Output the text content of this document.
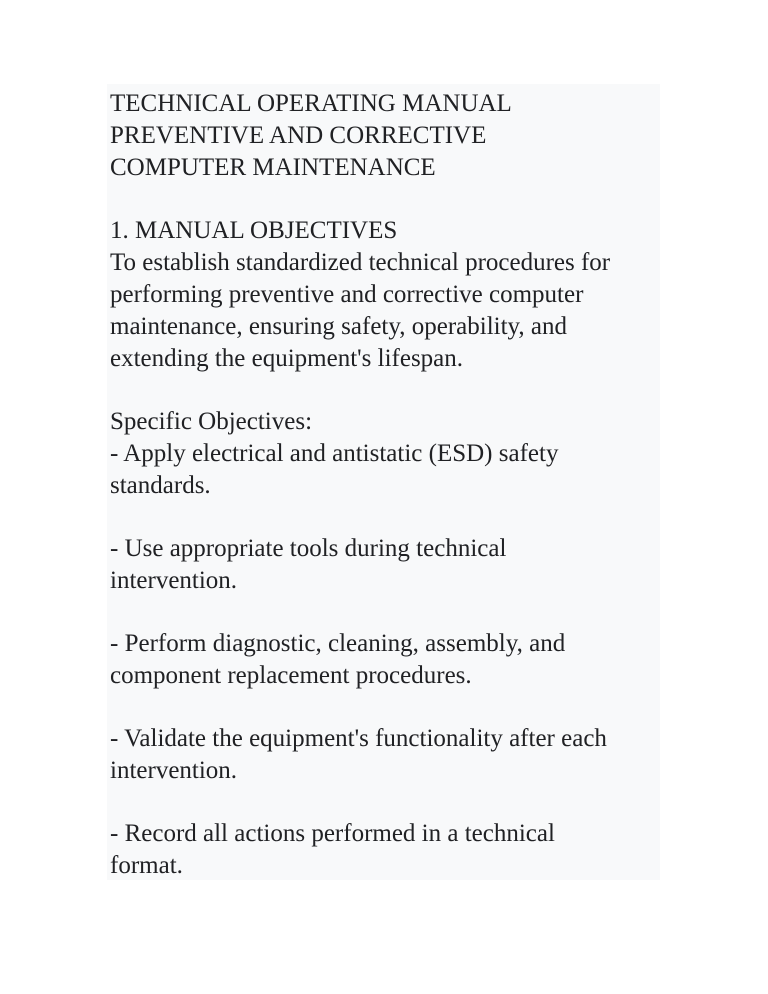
TECHNICAL OPERATING MANUAL
PREVENTIVE AND CORRECTIVE
COMPUTER MAINTENANCE
1. MANUAL OBJECTIVES
To establish standardized technical procedures for
performing preventive and corrective computer
maintenance, ensuring safety, operability, and
extending the equipment's lifespan.
Specific Objectives:
- Apply electrical and antistatic (ESD) safety
standards.
- Use appropriate tools during technical
intervention.
- Perform diagnostic, cleaning, assembly, and
component replacement procedures.
- Validate the equipment's functionality after each
intervention.
- Record all actions performed in a technical
format.
